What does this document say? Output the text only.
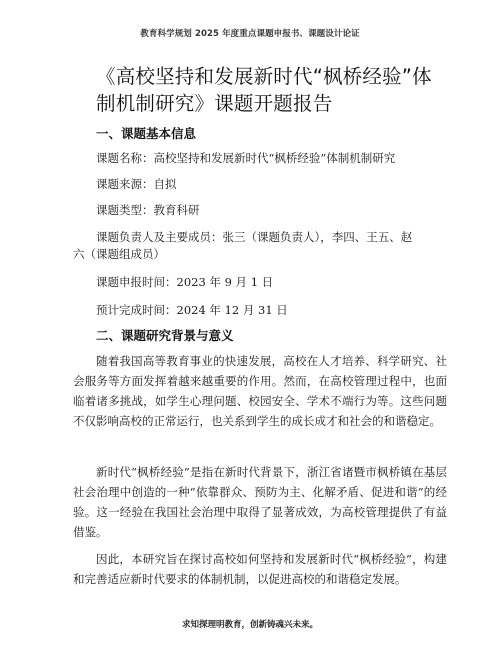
教育科学规划 2025 年度重点课题申报书、课题设计论证
《高校坚持和发展新时代“枫桥经验”体制机制研究》课题开题报告
一、课题基本信息
课题名称：高校坚持和发展新时代“枫桥经验”体制机制研究
课题来源：自拟
课题类型：教育科研
课题负责人及主要成员：张三（课题负责人），李四、王五、赵
六（课题组成员）
课题申报时间：2023 年 9 月 1 日
预计完成时间：2024 年 12 月 31 日
二、课题研究背景与意义

随着我国高等教育事业的快速发展，高校在人才培养、科学研究、社会服务等方面发挥着越来越重要的作用。然而，在高校管理过程中，也面临着诸多挑战，如学生心理问题、校园安全、学术不端行为等。这些问题不仅影响高校的正常运行，也关系到学生的成长成才和社会的和谐稳定。

新时代“枫桥经验”是指在新时代背景下，浙江省诸暨市枫桥镇在基层社会治理中创造的一种“依靠群众、预防为主、化解矛盾、促进和谐”的经验。这一经验在我国社会治理中取得了显著成效，为高校管理提供了有益借鉴。

因此，本研究旨在探讨高校如何坚持和发展新时代“枫桥经验”，构建和完善适应新时代要求的体制机制，以促进高校的和谐稳定发展。

求知探理明教育，创新铸魂兴未来。
